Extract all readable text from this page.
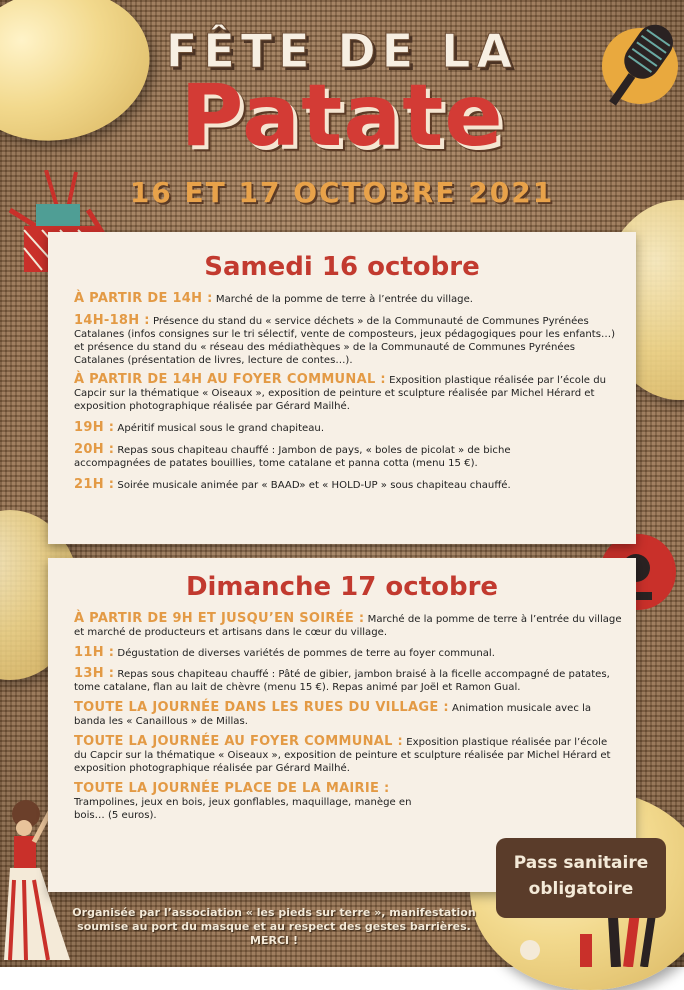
FÊTE DE LA
Patate
16 ET 17 OCTOBRE 2021
Samedi 16 octobre
À PARTIR DE 14H : Marché de la pomme de terre à l’entrée du village.
14H-18H : Présence du stand du « service déchets » de la Communauté de Communes Pyrénées Catalanes (infos consignes sur le tri sélectif, vente de composteurs, jeux pédagogiques pour les enfants…) et présence du stand du « réseau des médiathèques » de la Communauté de Communes Pyrénées Catalanes (présentation de livres, lecture de contes…).
À PARTIR DE 14H AU FOYER COMMUNAL : Exposition plastique réalisée par l’école du Capcir sur la thématique « Oiseaux », exposition de peinture et sculpture réalisée par Michel Hérard et exposition photographique réalisée par Gérard Mailhé.
19H : Apéritif musical sous le grand chapiteau.
20H : Repas sous chapiteau chauffé : Jambon de pays, « boles de picolat » de biche accompagnées de patates bouillies, tome catalane et panna cotta (menu 15 €).
21H : Soirée musicale animée par « BAAD» et « HOLD-UP » sous chapiteau chauffé.
Dimanche 17 octobre
À PARTIR DE 9H ET JUSQU’EN SOIRÉE : Marché de la pomme de terre à l’entrée du village et marché de producteurs et artisans dans le cœur du village.
11H : Dégustation de diverses variétés de pommes de terre au foyer communal.
13H : Repas sous chapiteau chauffé : Pâté de gibier, jambon braisé à la ficelle accompagné de patates, tome catalane, flan au lait de chèvre (menu 15 €). Repas animé par Joël et Ramon Gual.
TOUTE LA JOURNÉE DANS LES RUES DU VILLAGE : Animation musicale avec la banda les « Canaillous » de Millas.
TOUTE LA JOURNÉE AU FOYER COMMUNAL : Exposition plastique réalisée par l’école du Capcir sur la thématique « Oiseaux », exposition de peinture et sculpture réalisée par Michel Hérard et exposition photographique réalisée par Gérard Mailhé.
TOUTE LA JOURNÉE PLACE DE LA MAIRIE : Trampolines, jeux en bois, jeux gonflables, maquillage, manège en bois… (5 euros).
Pass sanitaire
obligatoire
Organisée par l’association « les pieds sur terre », manifestation soumise au port du masque et au respect des gestes barrières. MERCI !
